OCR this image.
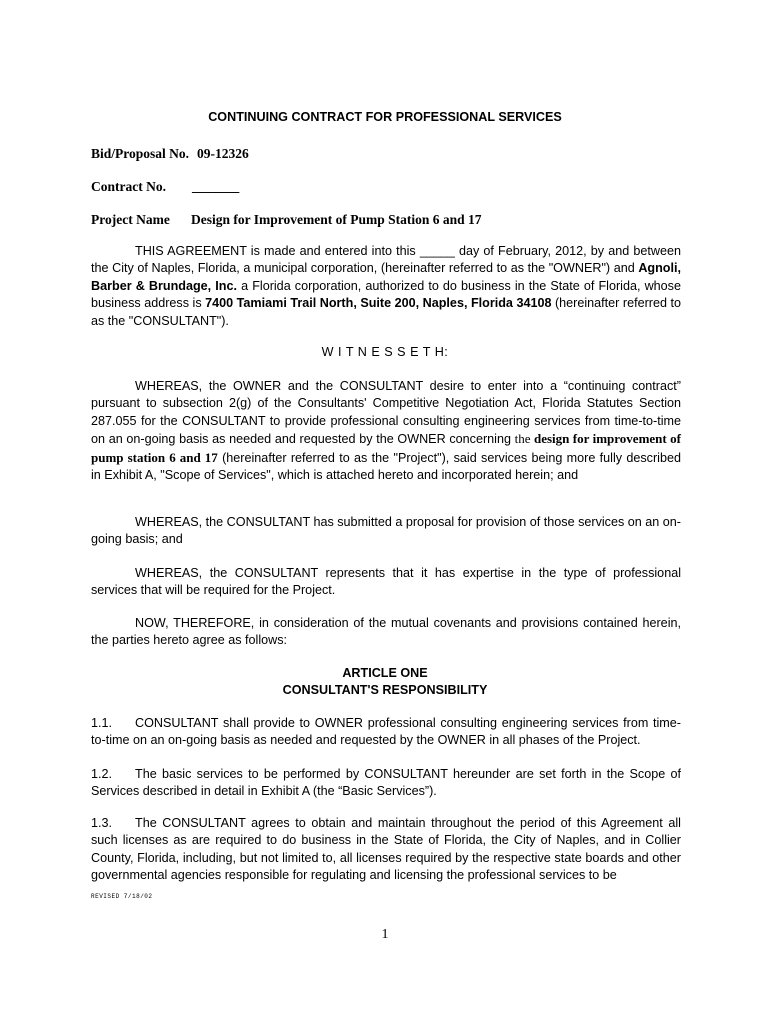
CONTINUING CONTRACT FOR PROFESSIONAL SERVICES
Bid/Proposal No. 09-12326
Contract No. _______
Project Name Design for Improvement of Pump Station 6 and 17
THIS AGREEMENT is made and entered into this _____ day of February, 2012, by and between the City of Naples, Florida, a municipal corporation, (hereinafter referred to as the "OWNER") and Agnoli, Barber & Brundage, Inc. a Florida corporation, authorized to do business in the State of Florida, whose business address is 7400 Tamiami Trail North, Suite 200, Naples, Florida 34108 (hereinafter referred to as the "CONSULTANT").
W I T N E S S E T H:
WHEREAS, the OWNER and the CONSULTANT desire to enter into a “continuing contract” pursuant to subsection 2(g) of the Consultants' Competitive Negotiation Act, Florida Statutes Section 287.055 for the CONSULTANT to provide professional consulting engineering services from time-to-time on an on-going basis as needed and requested by the OWNER concerning the design for improvement of pump station 6 and 17 (hereinafter referred to as the "Project"), said services being more fully described in Exhibit A, "Scope of Services", which is attached hereto and incorporated herein; and
WHEREAS, the CONSULTANT has submitted a proposal for provision of those services on an on-going basis; and
WHEREAS, the CONSULTANT represents that it has expertise in the type of professional services that will be required for the Project.
NOW, THEREFORE, in consideration of the mutual covenants and provisions contained herein, the parties hereto agree as follows:
ARTICLE ONE
CONSULTANT'S RESPONSIBILITY
1.1. CONSULTANT shall provide to OWNER professional consulting engineering services from time-to-time on an on-going basis as needed and requested by the OWNER in all phases of the Project.
1.2. The basic services to be performed by CONSULTANT hereunder are set forth in the Scope of Services described in detail in Exhibit A (the “Basic Services”).
1.3. The CONSULTANT agrees to obtain and maintain throughout the period of this Agreement all such licenses as are required to do business in the State of Florida, the City of Naples, and in Collier County, Florida, including, but not limited to, all licenses required by the respective state boards and other governmental agencies responsible for regulating and licensing the professional services to be
REVISED 7/18/02
1
